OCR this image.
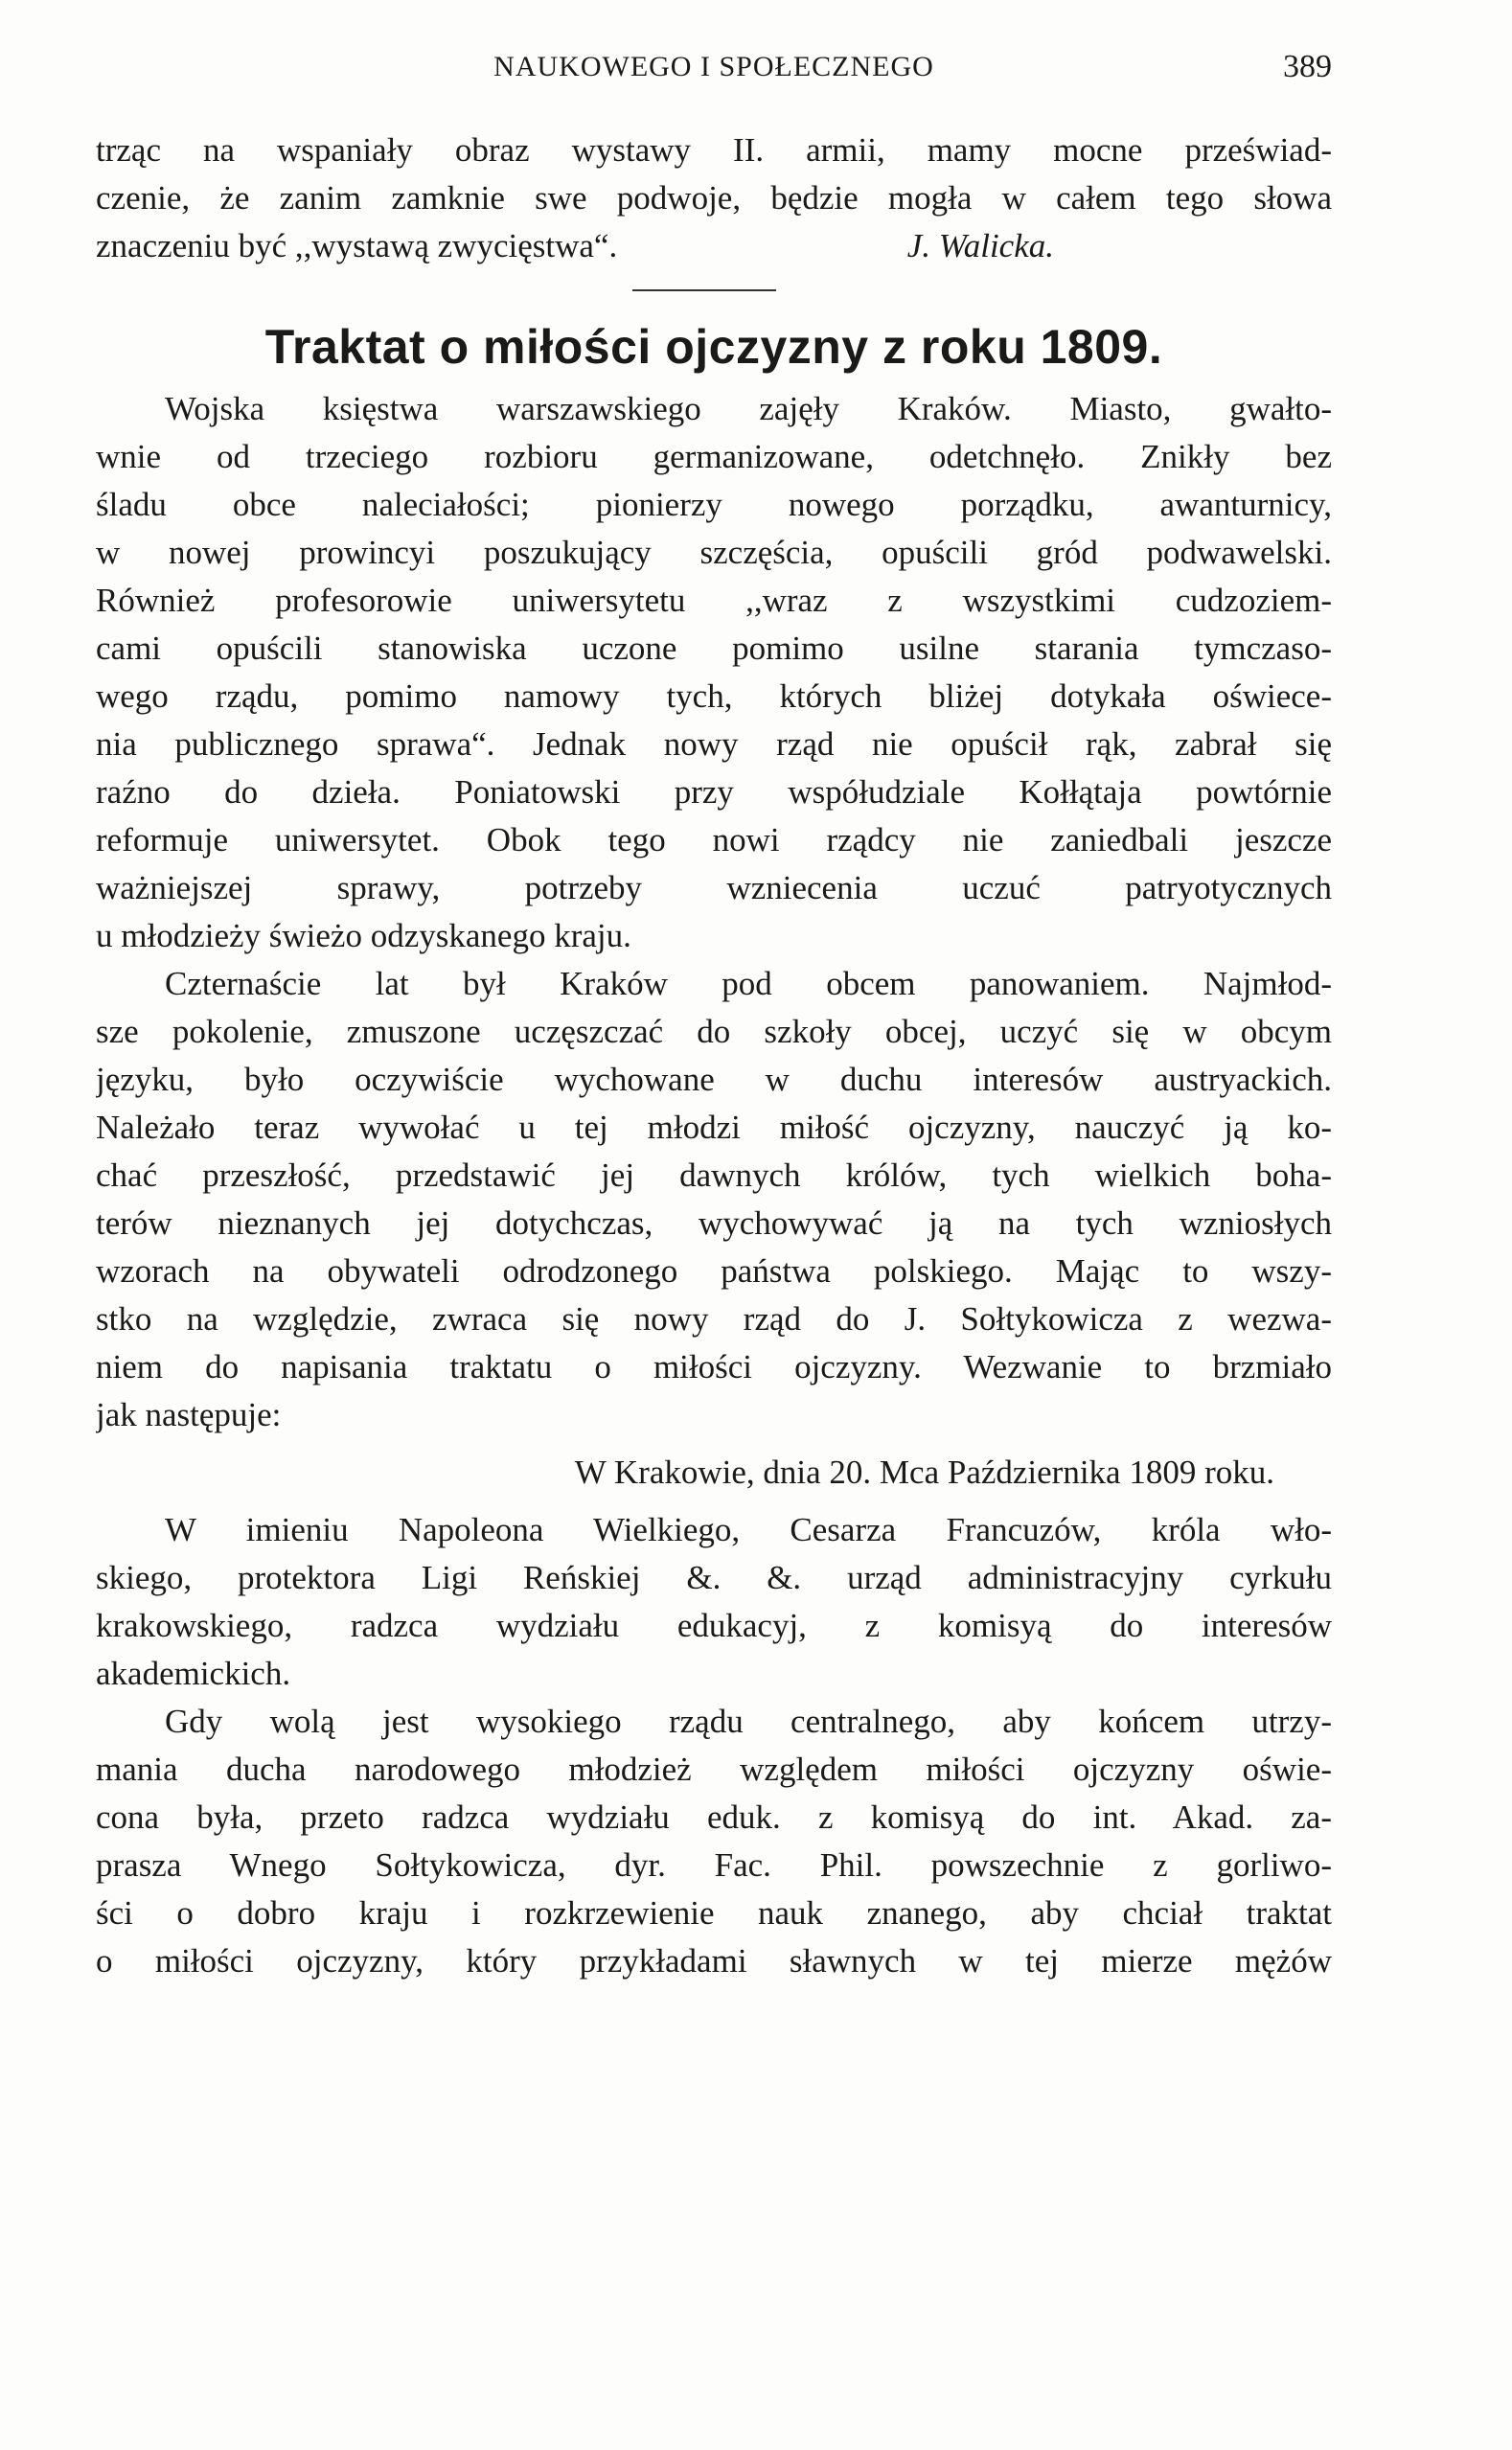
NAUKOWEGO I SPOŁECZNEGO	389
trząc na wspaniały obraz wystawy II. armii, mamy mocne przeświad-
czenie, że zanim zamknie swe podwoje, będzie mogła w całem tego słowa
znaczeniu być ,,wystawą zwycięstwa“.	J. Walicka.
Traktat o miłości ojczyzny z roku 1809.
Wojska księstwa warszawskiego zajęły Kraków. Miasto, gwałto-
wnie od trzeciego rozbioru germanizowane, odetchnęło. Znikły bez
śladu obce naleciałości; pionierzy nowego porządku, awanturnicy,
w nowej prowincyi poszukujący szczęścia, opuścili gród podwawelski.
Również profesorowie uniwersytetu ,,wraz z wszystkimi cudzoziem-
cami opuścili stanowiska uczone pomimo usilne starania tymczaso-
wego rządu, pomimo namowy tych, których bliżej dotykała oświece-
nia publicznego sprawa“. Jednak nowy rząd nie opuścił rąk, zabrał się
raźno do dzieła. Poniatowski przy współudziale Kołłątaja powtórnie
reformuje uniwersytet. Obok tego nowi rządcy nie zaniedbali jeszcze
ważniejszej sprawy, potrzeby wzniecenia uczuć patryotycznych
u młodzieży świeżo odzyskanego kraju.
Czternaście lat był Kraków pod obcem panowaniem. Najmłod-
sze pokolenie, zmuszone uczęszczać do szkoły obcej, uczyć się w obcym
języku, było oczywiście wychowane w duchu interesów austryackich.
Należało teraz wywołać u tej młodzi miłość ojczyzny, nauczyć ją ko-
chać przeszłość, przedstawić jej dawnych królów, tych wielkich boha-
terów nieznanych jej dotychczas, wychowywać ją na tych wzniosłych
wzorach na obywateli odrodzonego państwa polskiego. Mając to wszy-
stko na względzie, zwraca się nowy rząd do J. Sołtykowicza z wezwa-
niem do napisania traktatu o miłości ojczyzny. Wezwanie to brzmiało
jak następuje:
W Krakowie, dnia 20. Mca Października 1809 roku.
W imieniu Napoleona Wielkiego, Cesarza Francuzów, króla wło-
skiego, protektora Ligi Reńskiej &. &. urząd administracyjny cyrkułu
krakowskiego, radzca wydziału edukacyj, z komisyą do interesów
akademickich.
Gdy wolą jest wysokiego rządu centralnego, aby końcem utrzy-
mania ducha narodowego młodzież względem miłości ojczyzny oświe-
cona była, przeto radzca wydziału eduk. z komisyą do int. Akad. za-
prasza Wnego Sołtykowicza, dyr. Fac. Phil. powszechnie z gorliwo-
ści o dobro kraju i rozkrzewienie nauk znanego, aby chciał traktat
o miłości ojczyzny, który przykładami sławnych w tej mierze mężów
